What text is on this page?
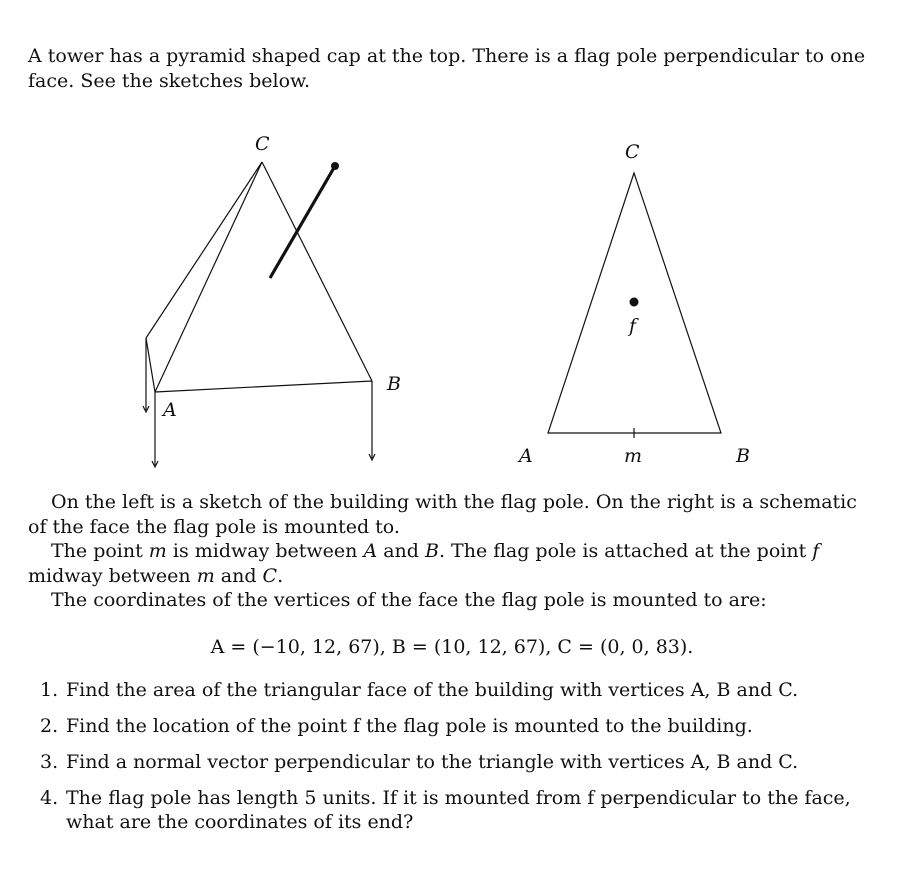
A tower has a pyramid shaped cap at the top. There is a flag pole perpendicular to one face. See the sketches below.

C
A
B
C
f
A	m	B

On the left is a sketch of the building with the flag pole. On the right is a schematic of the face the flag pole is mounted to.

The point m is midway between A and B. The flag pole is attached at the point f midway between m and C.

The coordinates of the vertices of the face the flag pole is mounted to are:

A = (−10, 12, 67), B = (10, 12, 67), C = (0, 0, 83).
1. Find the area of the triangular face of the building with vertices A, B and C.
2. Find the location of the point f the flag pole is mounted to the building.
3. Find a normal vector perpendicular to the triangle with vertices A, B and C.
4. The flag pole has length 5 units. If it is mounted from f perpendicular to the face, what are the coordinates of its end?
